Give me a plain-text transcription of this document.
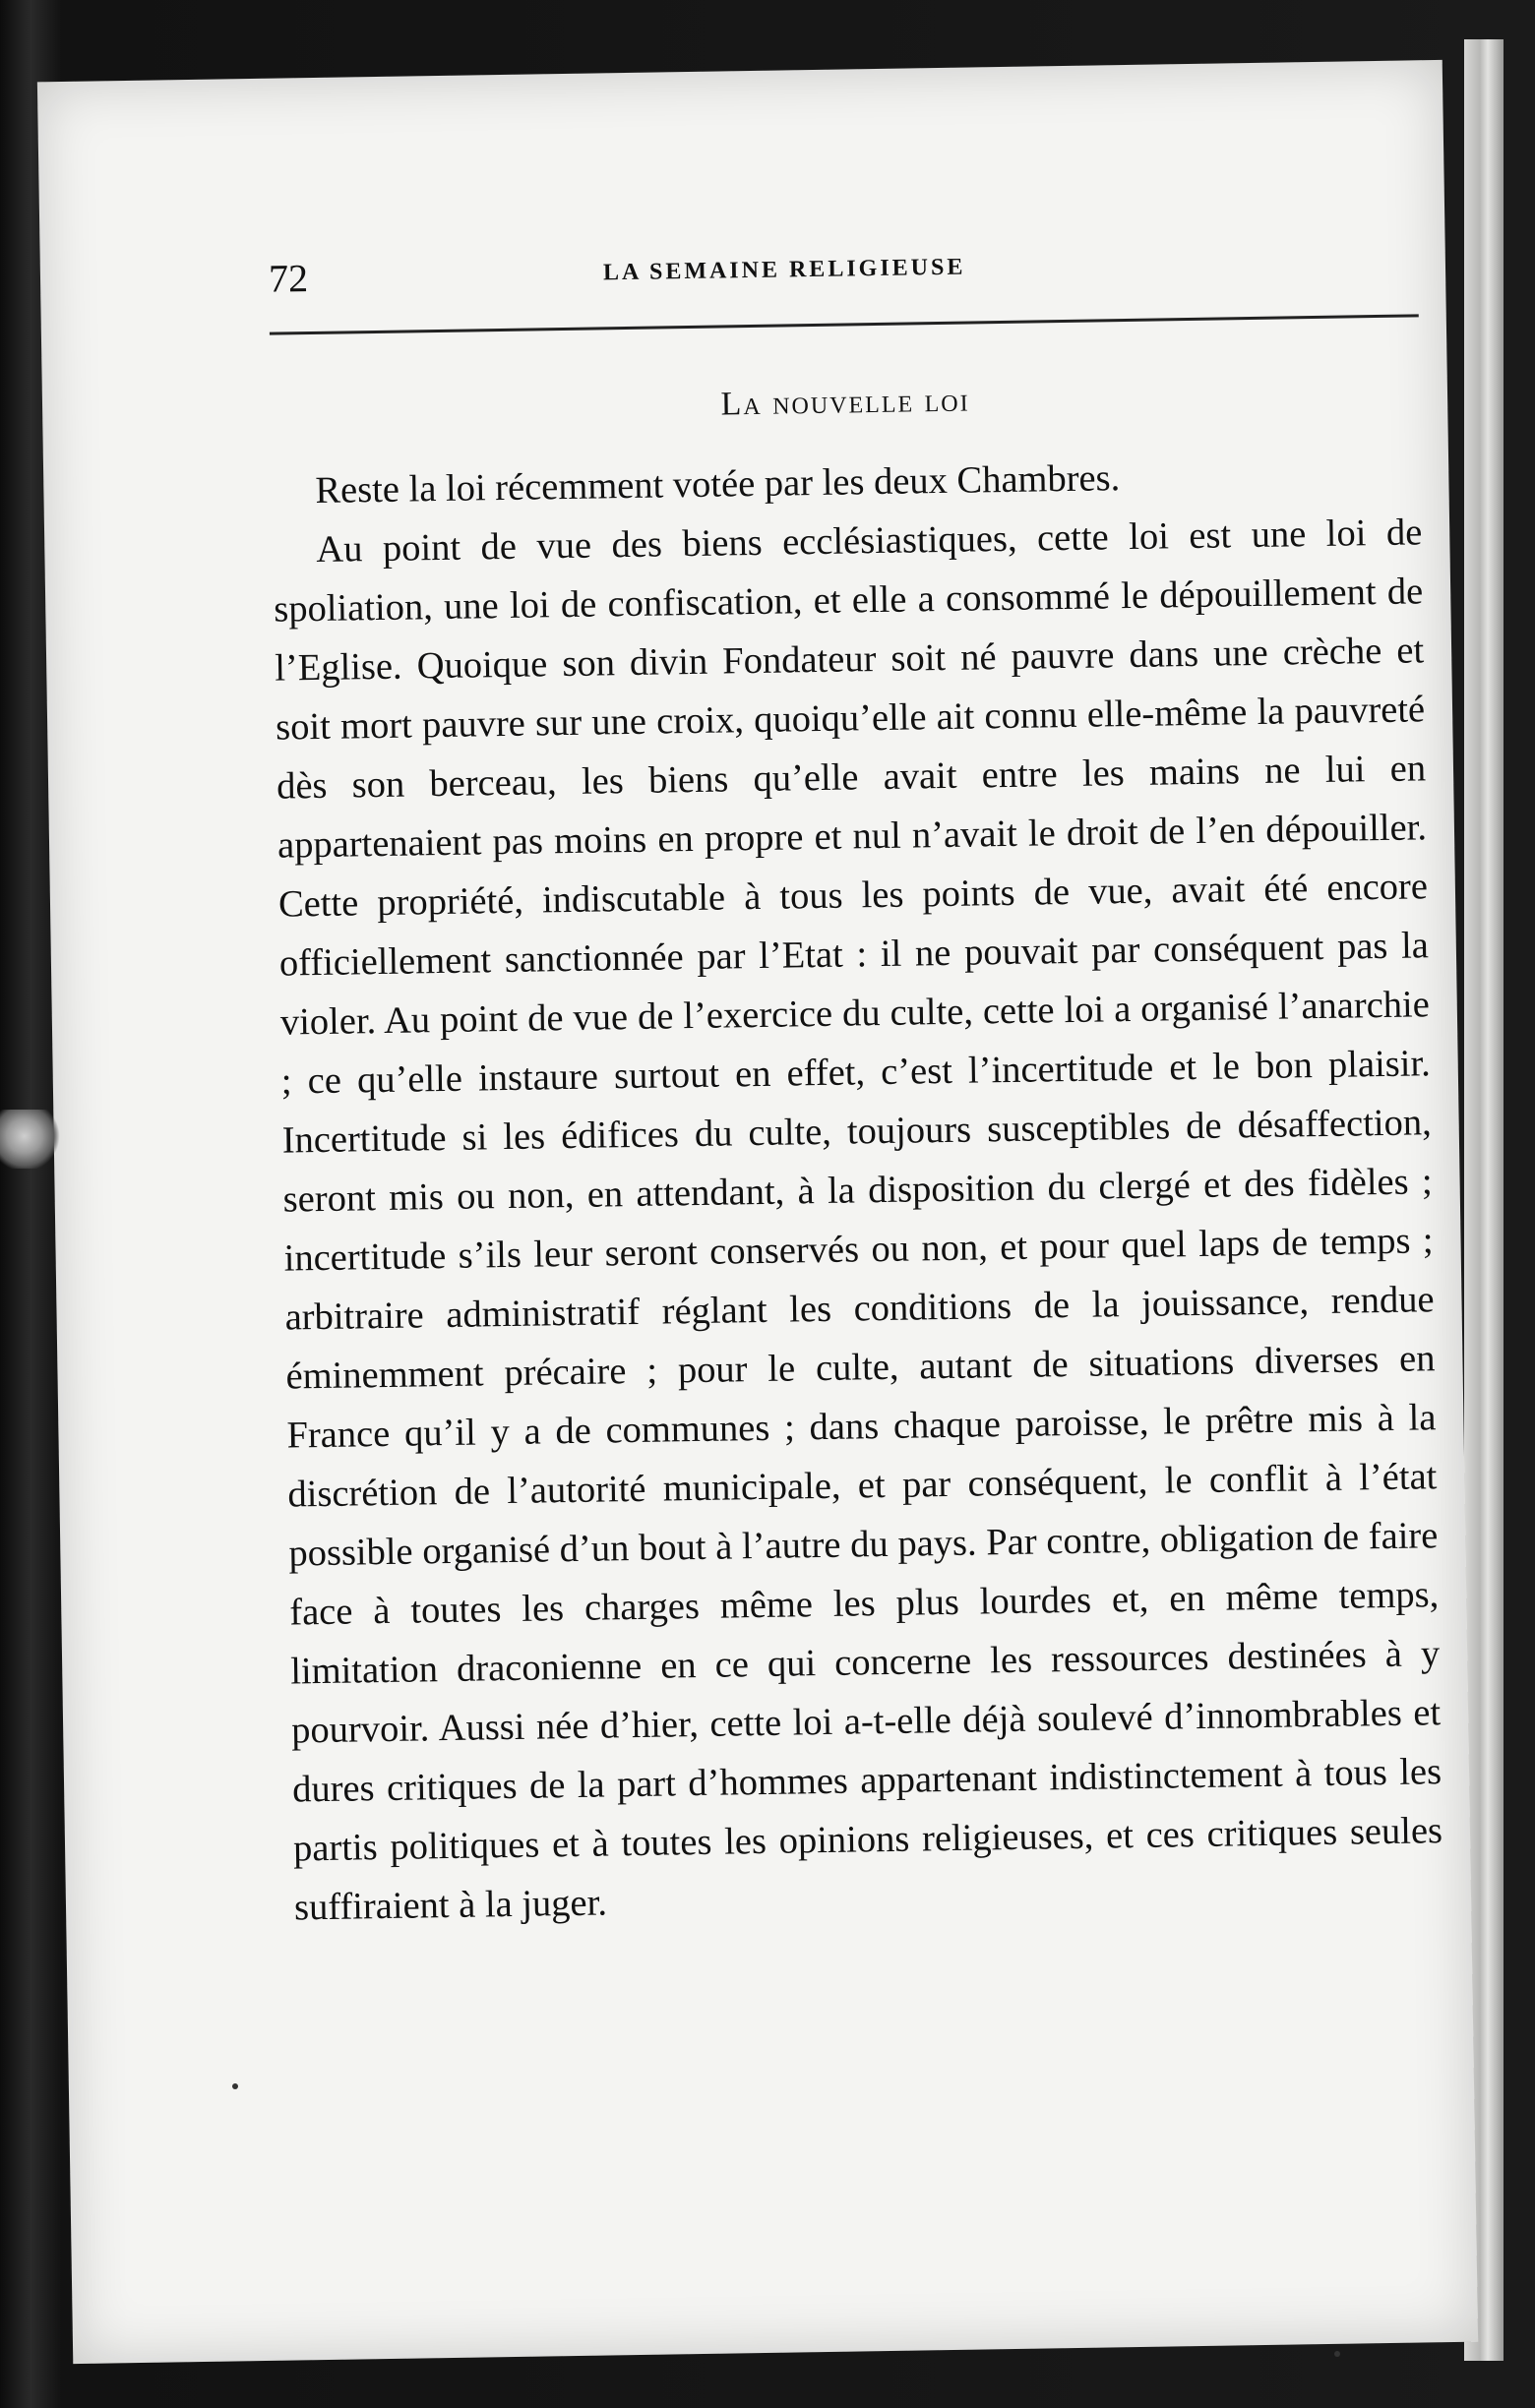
72	LA SEMAINE RELIGIEUSE
La nouvelle loi

Reste la loi récemment votée par les deux Chambres.

Au point de vue des biens ecclésiastiques, cette loi est une loi de spoliation, une loi de confiscation, et elle a consommé le dépouillement de l’Eglise. Quoique son divin Fondateur soit né pauvre dans une crèche et soit mort pauvre sur une croix, quoiqu’elle ait connu elle-même la pauvreté dès son berceau, les biens qu’elle avait entre les mains ne lui en appartenaient pas moins en propre et nul n’avait le droit de l’en dépouiller. Cette propriété, indiscutable à tous les points de vue, avait été encore officiellement sanctionnée par l’Etat : il ne pouvait par conséquent pas la violer. Au point de vue de l’exercice du culte, cette loi a organisé l’anarchie ; ce qu’elle instaure surtout en effet, c’est l’incertitude et le bon plaisir. Incertitude si les édifices du culte, toujours susceptibles de désaffection, seront mis ou non, en attendant, à la disposition du clergé et des fidèles ; incertitude s’ils leur seront conservés ou non, et pour quel laps de temps ; arbitraire administratif réglant les conditions de la jouissance, rendue éminemment précaire ; pour le culte, autant de situations diverses en France qu’il y a de communes ; dans chaque paroisse, le prêtre mis à la discrétion de l’autorité municipale, et par conséquent, le conflit à l’état possible organisé d’un bout à l’autre du pays. Par contre, obligation de faire face à toutes les charges même les plus lourdes et, en même temps, limitation draconienne en ce qui concerne les ressources destinées à y pourvoir. Aussi née d’hier, cette loi a-t-elle déjà soulevé d’innombrables et dures critiques de la part d’hommes appartenant indistinctement à tous les partis politiques et à toutes les opinions religieuses, et ces critiques seules suffiraient à la juger.
